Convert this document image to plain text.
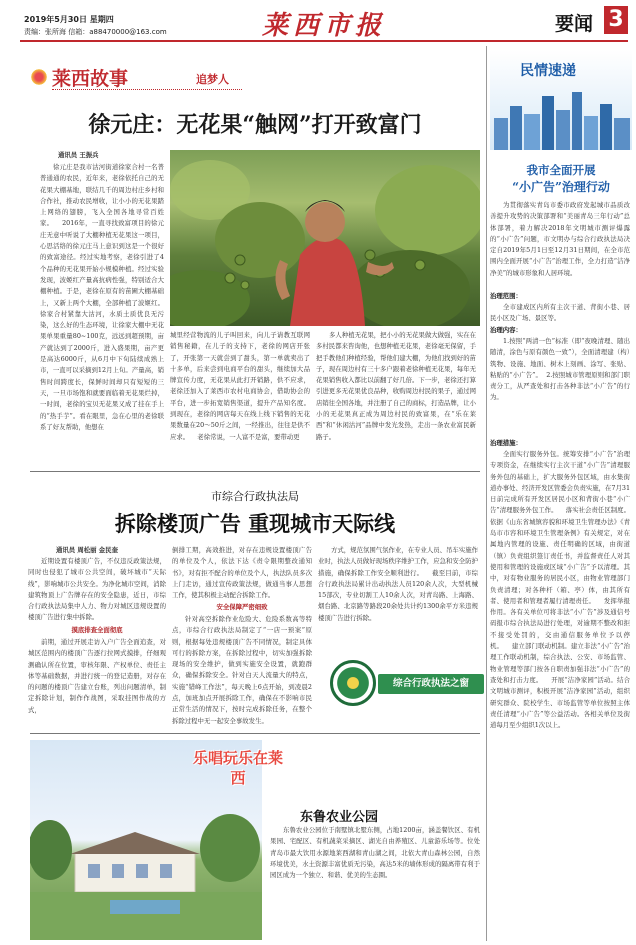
2019年5月30日 星期四
责编：张所海 信箱：a88470000@163.com	莱西市报	要闻 3
莱西故事	追梦人
徐元庄：无花果“触网”打开致富门
通讯员 王振兵
徐元庄是我市沽河街道徐家合村一名普普通通的农民，近年来，老徐依托自己的无花果大棚基地，联结几千的周边村庄乡村和合作社，推动农民增收，让小小的无花果踏上网络的翅膀，飞入全国各地寻常百姓家。    2016年，一直寻找致富项目的徐元庄无意中听说了大棚种植无花果这一项目，心思活络的徐元庄马上意识到这是一个很好的致富途径。经过实地考察，老徐引进了4个品种的无花果开始小规模种植。经过实验发现，波姬红产量高抗病性强，特别适合大棚种植。于是，老徐在原有的苗圃大棚基础上，又新上两个大棚，全部种植了波姬红。徐家合村紧靠大沽河，水质土质优良无污染，这么好的生态环境，让徐家大棚中无花果单果重量80~100克，远远到超预期，亩产就达到了2000斤，进入盛果期，亩产更是高达6000斤，从6月中下旬陆续成熟上市，一直可以采摘到12月上旬。产量高，销售时间跨度长，保鲜时间却只有短短的三天，一旦市场饱和就要面临着无花果烂掉，一时间，老徐的宝贝无花果又成了挂在手上的“热手芋”。看在眼里，急在心里的老徐联系了好友帮助，他想在
城里经营物流的儿子叫回来，向儿子请教互联网销售秘籍，在儿子的支持下，老徐的网店开张了，开张第一天就尝到了甜头，第一单就卖出了十多单，后来尝到电商平台的甜头，继续加大品牌宣传力度，无花果从此打开销路，供不应求，老徐还加入了莱西市农村电商协会，借助协会的平台，进一步拓宽销售渠道，提升产品知名度。到现在，老徐的网店每天在线上线下销售的无花果数量在20～50斤之间，一经推出，往往是供不应求。    老徐常说，一人富不是富，要带动更
多人种植无花果，把小小的无花果做大做强，实在在多村民都来咨询他，也想种植无花果，老徐毫无保留，手把手教他们种植经验，帮他们建大棚，为他们找到好的苗子，现在周边村有三十多户跟着老徐种植无花果，每年无花果销售收入都比以前翻了好几倍。下一步，老徐还打算引进更多无花果优良品种，收购周边村民的果子，通过网店销往全国各地，并注册了自己的商标，打造品牌，让小小的无花果真正成为周边村民的致富果，在“乐在莱西”和“休闲沽河”品牌中发光发热，走出一条农业富民新路子。
市综合行政执法局
拆除楼顶广告 重现城市天际线
通讯员 周松丽 金民奎
近期设置有楼顶广告，不仅违反政策法规，同时也侵犯了城市公共空间，破坏城市“天际线”，影响城市公共安全。为净化城市空间，消除建筑物顶上广告牌存在的安全隐患，近日，市综合行政执法局集中人力、物力对城区违规设置的楼顶广告进行集中拆除。
摸底排查全面彻底
前期，通过开展走访入户广告全面追查，对城区范围内的楼顶广告逐行拉网式摸排，仔细观测确认所在位置，审核年限、产权单位、责任主体等基础数据，并进行统一的登记造册，对存在的问题的楼顶广告建立台账，列出问题清单，制定拆除计划，制作作战图，采取挂图作战的方式，
倒排工期，高效推进，对存在违规设置楼顶广告的单位及个人，依法下达《责令限期整改通知书》，对有拒不配合的单位及个人，执法队员多次上门走访，通过宣传政策法规，做通当事人思想工作，使其积极主动配合拆除工作。
安全保障严密细致
针对高空拆除作业危险大、危险系数高等特点，市综合行政执法局制定了“一店一预案”原则，根据每处违规楼顶广告不同情况，制定具体可行的拆除方案，在拆除过程中，切实加强拆除现场的安全维护，做到实施安全设置，就跑群众，确保拆除安全。针对白天人流量大的特点，实施“错峰工作法”，每天晚上6点开始，到凌晨2点，加班加点开展拆除工作，确保在不影响市民正常生活的情况下，按时完成拆除任务，在整个拆除过程中无一起安全事故发生。
方式，规范氛围气氛作业，在专业人员、吊车实施作业时，执法人员做好现场秩序维护工作，应急和安全防护措施，确保拆除工作安全顺利进行。    截至目前，市综合行政执法局累计出动执法人员120余人次，大型机械15部次，专业切割工人10余人次，对青岛路、上海路、烟台路、北京路等路段20余处共计约1300余平方米违规楼顶广告进行拆除。
综合行政执法之窗
乐唱玩乐在莱西
东鲁农业公园
东鲁农业公园位于南墅镇北墅东侧，占地1200亩，涵盖餐饮区、有机果园、宅配区、有机蔬菜采摘区、湖光自由养殖区、儿童游乐场等。位处青岛市最大饮用水源地莱西湖和青山湖之间，北依大青山森林公园，自然环境优美，水土资源丰富优质无污染，高达5米的墙体形成的隔离带有利于园区成为一个独立、和谐、优美的生态圈。
民情速递
我市全面开展
“小广告”治理行动
为贯彻落实青岛市委市政府发起城市品质改善提升攻势的决策部署和“美丽青岛三年行动”总体部署，着力解决2018年文明城市测评爆露的“小广告”问题，市文明办与综合行政执法局决定自2019年5月1日至12月31日期间，在全市范围内全面开展“小广告”治理工作，全力打造“洁净净美”的城市形象和人居环境。
治理范围：
全市建成区内所有主次干道、背街小巷、居民小区及广场、景区等。
治理内容：
1.按照“两清一色”标准（即“夜晚清理、随出随清，涂色与原有颜色一致”），全面清理建（构）筑物、设施、地面、树木上刻画、涂写、张贴、粘贴的“小广告”。  2.按照城市管理原则和部门职责分工，从严查处和打击各种非法“小广告”的行为。
治理措施：
全面实行服务外包。统筹安排“小广告”治理专项资金，在继续实行主次干道“小广告”清理服务外包的基础上，扩大服务外包区域，由水集街道办事处、经济开发区管委会负责实施，在7月31日前完成所有开发区居民小区和背街小巷“小广告”清理服务外包工作。    落实社会责任区制度。依据《山东省城镇容貌和环境卫生管理办法》《青岛市市容和环境卫生管理条例》有关规定，对在属地内管理的设施、责任明确的区域，由街道（镇）负责组织签订责任书，并监督责任人对其使用和管理的设施或区域“小广告”予以清理。其中，对有物业服务的居民小区，由物业管理部门负责清理；对各种杆（箱、亭）体，由其所有者、使用者和管理者履行清理责任。    发挥举报作用。各有关单位可将非法“小广告”涉及通信号码报市综合执法局进行处理，对逾期不整改和拒不接受处罚的，交由通信服务单位予以停机。    建立部门联动机制。建立非法“小广告”治理工作联动机制，综合执法、公安、市场监管、物业管理等部门按各自职责加强非法“小广告”的查处和打击力度。    开展“洁净家园”活动。结合文明城市测评，积极开展“洁净家园”活动，组织研究群众、院校学生、市场监管等单位按照主体责任清理“小广告”等公益活动。各相关单位及街道每月至少组织1次以上。
